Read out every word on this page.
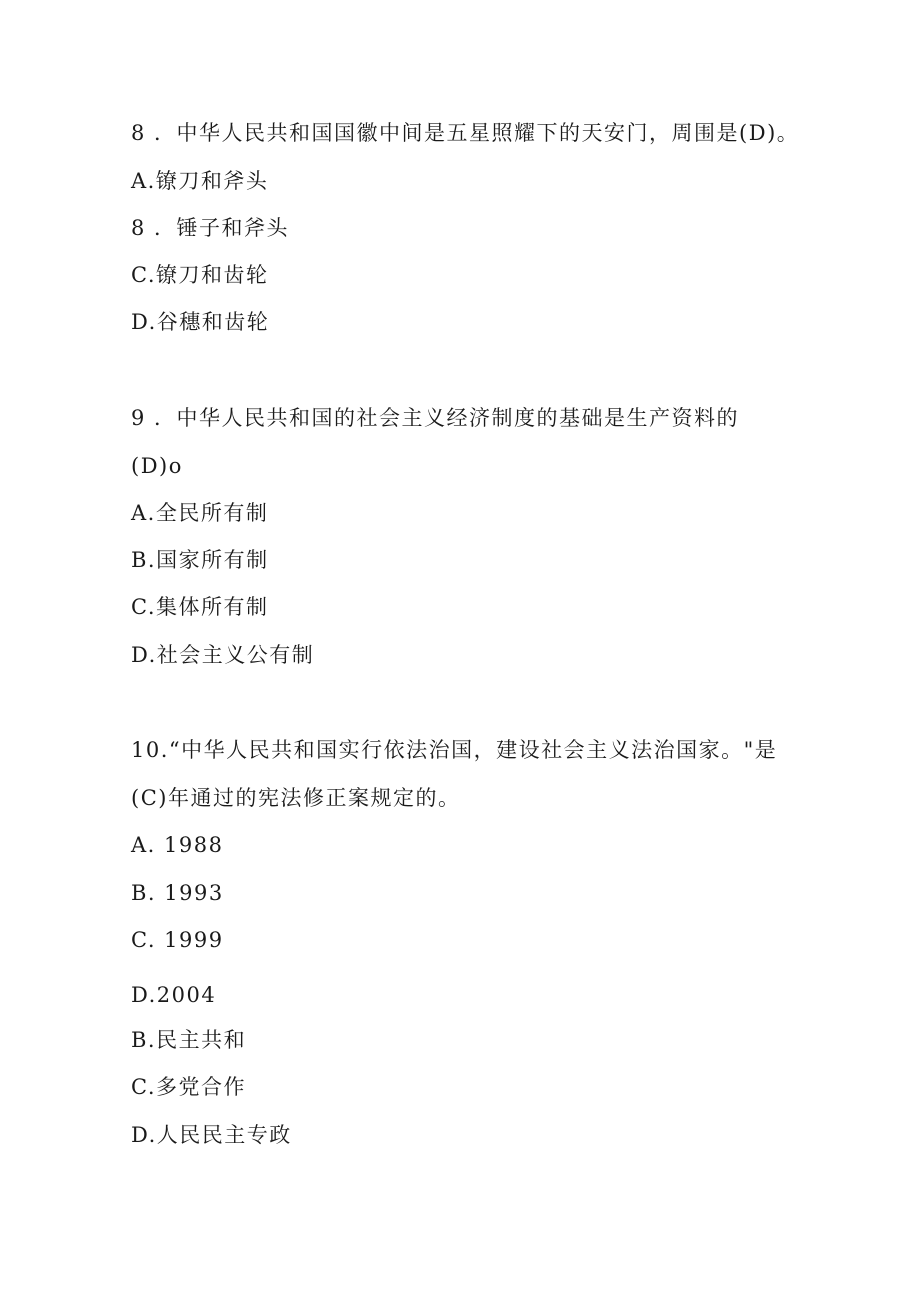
8 ．中华人民共和国国徽中间是五星照耀下的天安门，周围是(D)。
A.镣刀和斧头
8 ．锤子和斧头
C.镣刀和齿轮
D.谷穗和齿轮
9 ．中华人民共和国的社会主义经济制度的基础是生产资料的
(D)o
A.全民所有制
B.国家所有制
C.集体所有制
D.社会主义公有制
10.“中华人民共和国实行依法治国，建设社会主义法治国家。"是
(C)年通过的宪法修正案规定的。
A. 1988
B. 1993
C. 1999
D.2004
B.民主共和
C.多党合作
D.人民民主专政
